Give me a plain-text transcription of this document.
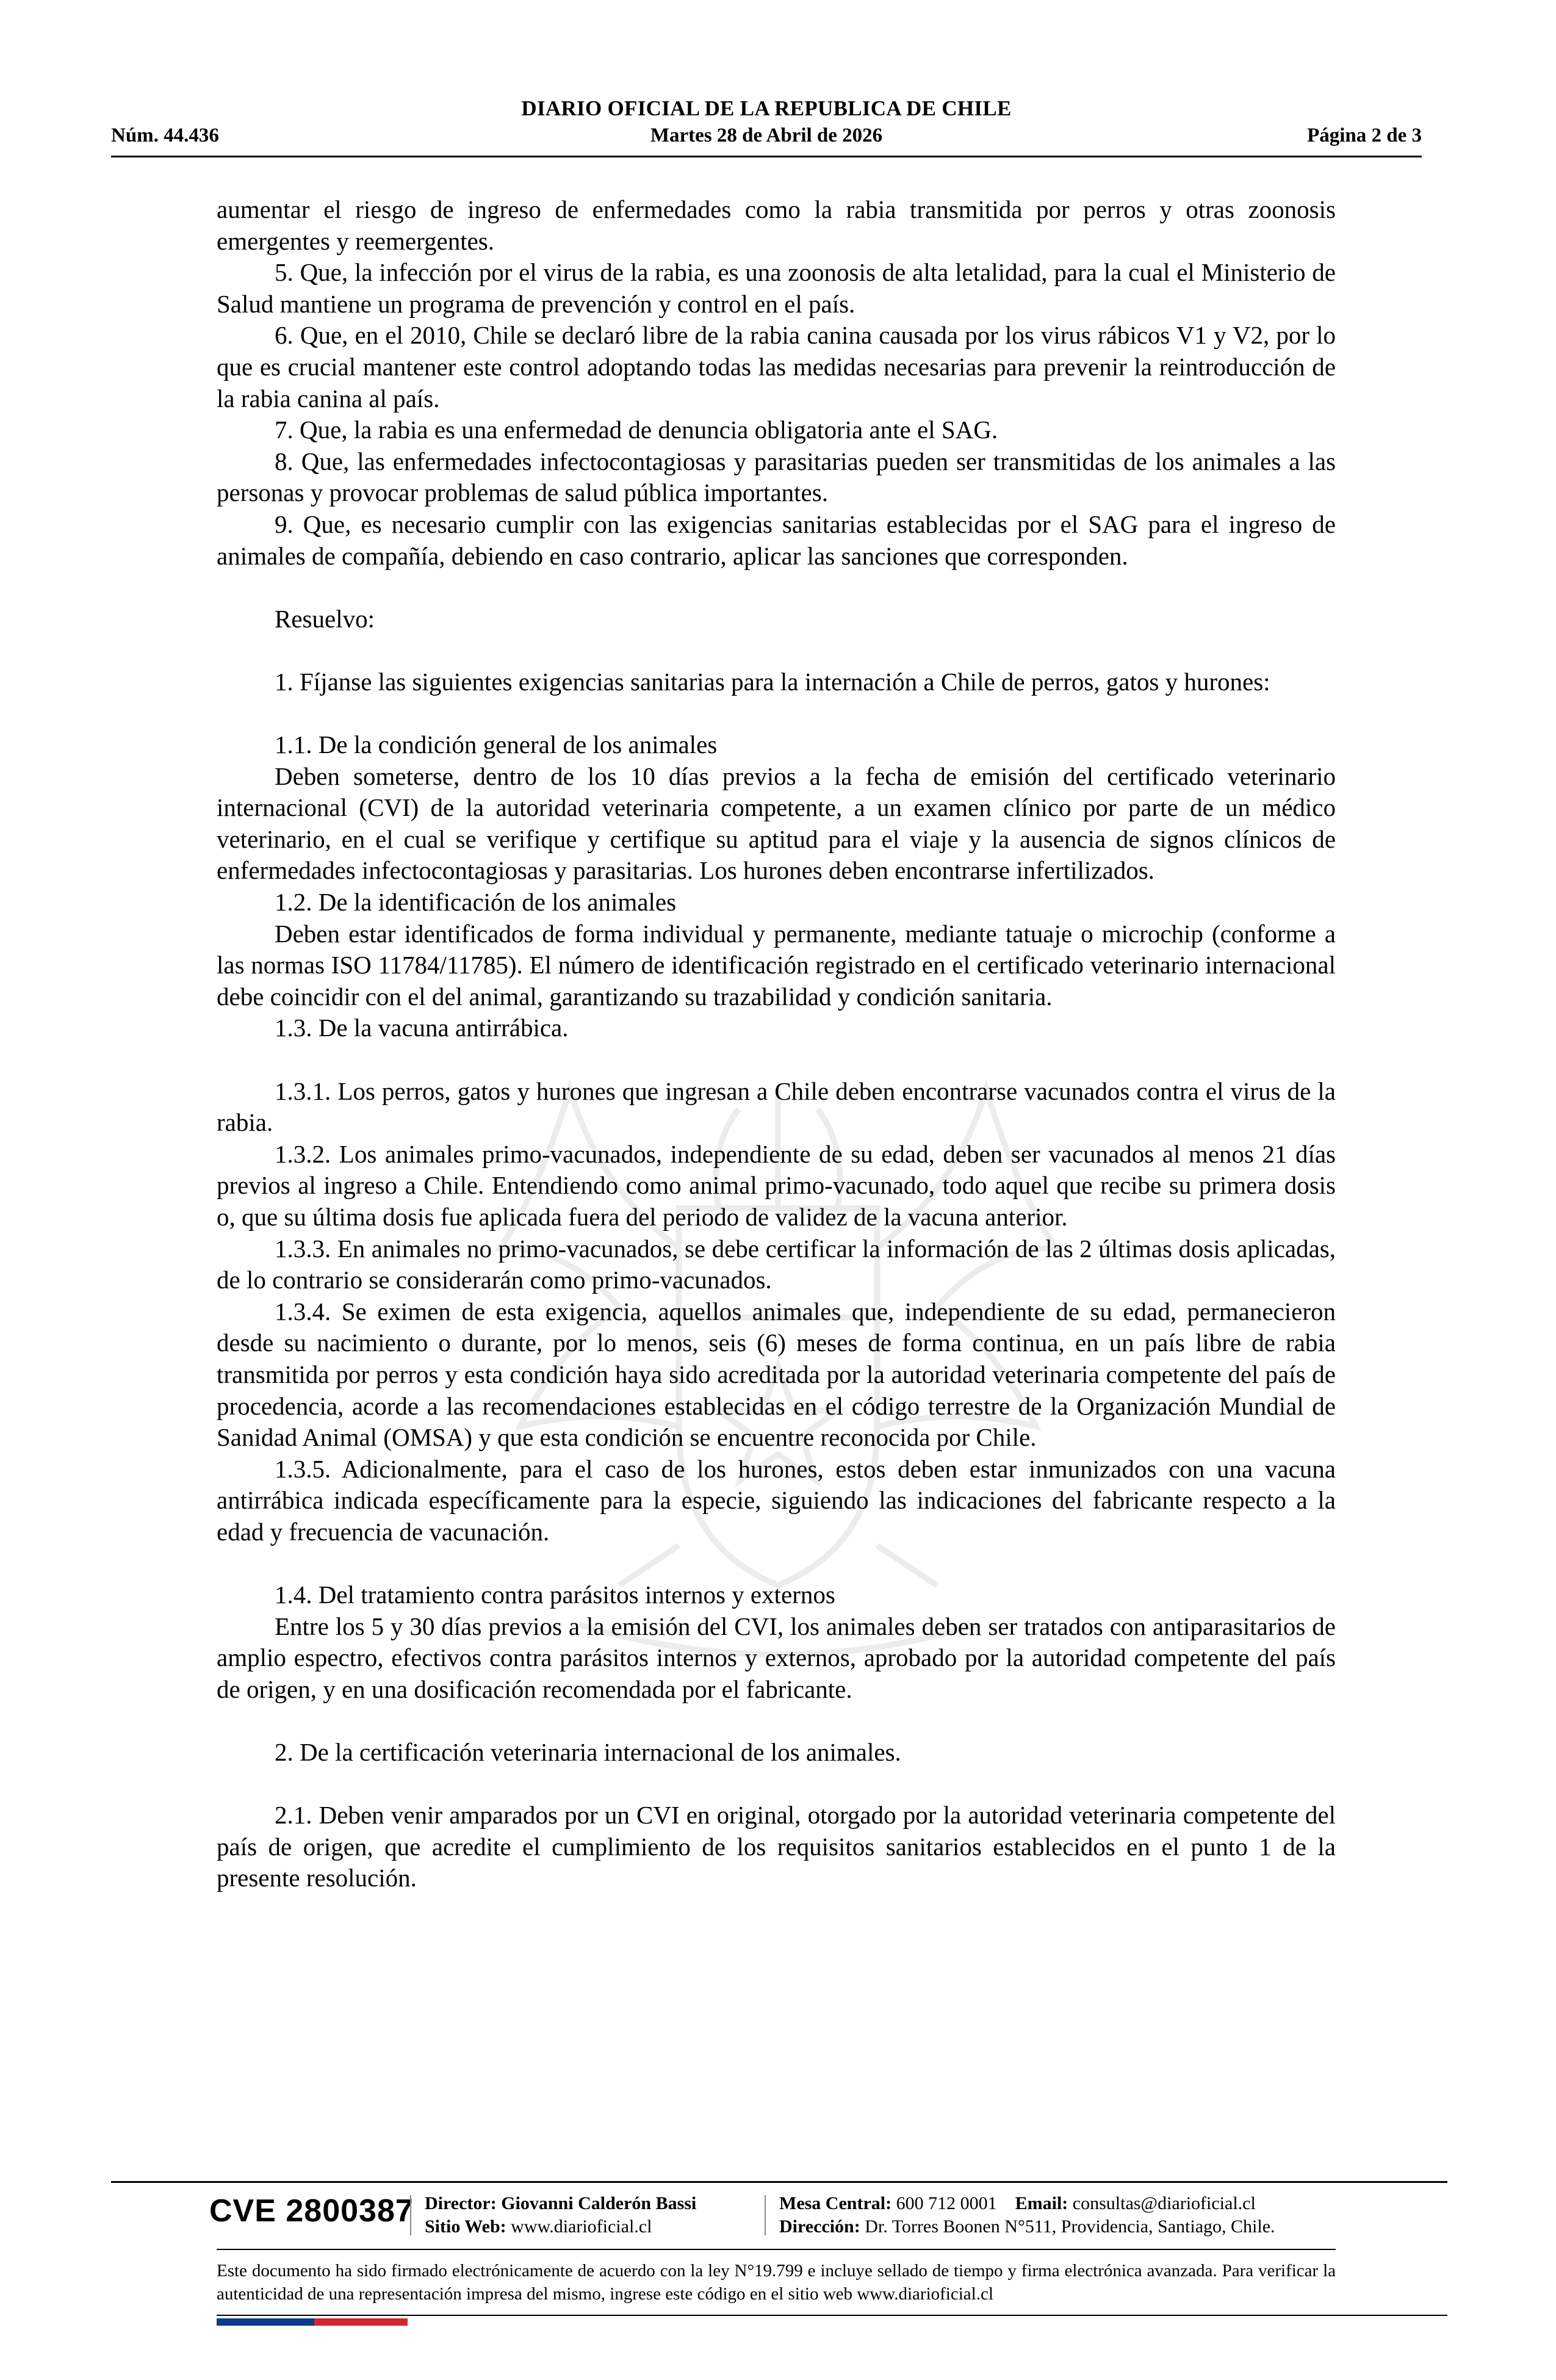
DIARIO OFICIAL DE LA REPUBLICA DE CHILE
Núm. 44.436	Martes 28 de Abril de 2026	Página 2 de 3

aumentar el riesgo de ingreso de enfermedades como la rabia transmitida por perros y otras zoonosis emergentes y reemergentes.

5. Que, la infección por el virus de la rabia, es una zoonosis de alta letalidad, para la cual el Ministerio de Salud mantiene un programa de prevención y control en el país.

6. Que, en el 2010, Chile se declaró libre de la rabia canina causada por los virus rábicos V1 y V2, por lo que es crucial mantener este control adoptando todas las medidas necesarias para prevenir la reintroducción de la rabia canina al país.

7. Que, la rabia es una enfermedad de denuncia obligatoria ante el SAG.

8. Que, las enfermedades infectocontagiosas y parasitarias pueden ser transmitidas de los animales a las personas y provocar problemas de salud pública importantes.

9. Que, es necesario cumplir con las exigencias sanitarias establecidas por el SAG para el ingreso de animales de compañía, debiendo en caso contrario, aplicar las sanciones que corresponden.

Resuelvo:

1. Fíjanse las siguientes exigencias sanitarias para la internación a Chile de perros, gatos y hurones:

1.1. De la condición general de los animales

Deben someterse, dentro de los 10 días previos a la fecha de emisión del certificado veterinario internacional (CVI) de la autoridad veterinaria competente, a un examen clínico por parte de un médico veterinario, en el cual se verifique y certifique su aptitud para el viaje y la ausencia de signos clínicos de enfermedades infectocontagiosas y parasitarias. Los hurones deben encontrarse infertilizados.

1.2. De la identificación de los animales

Deben estar identificados de forma individual y permanente, mediante tatuaje o microchip (conforme a las normas ISO 11784/11785). El número de identificación registrado en el certificado veterinario internacional debe coincidir con el del animal, garantizando su trazabilidad y condición sanitaria.

1.3. De la vacuna antirrábica.

1.3.1. Los perros, gatos y hurones que ingresan a Chile deben encontrarse vacunados contra el virus de la rabia.

1.3.2. Los animales primo-vacunados, independiente de su edad, deben ser vacunados al menos 21 días previos al ingreso a Chile. Entendiendo como animal primo-vacunado, todo aquel que recibe su primera dosis o, que su última dosis fue aplicada fuera del periodo de validez de la vacuna anterior.

1.3.3. En animales no primo-vacunados, se debe certificar la información de las 2 últimas dosis aplicadas, de lo contrario se considerarán como primo-vacunados.

1.3.4. Se eximen de esta exigencia, aquellos animales que, independiente de su edad, permanecieron desde su nacimiento o durante, por lo menos, seis (6) meses de forma continua, en un país libre de rabia transmitida por perros y esta condición haya sido acreditada por la autoridad veterinaria competente del país de procedencia, acorde a las recomendaciones establecidas en el código terrestre de la Organización Mundial de Sanidad Animal (OMSA) y que esta condición se encuentre reconocida por Chile.

1.3.5. Adicionalmente, para el caso de los hurones, estos deben estar inmunizados con una vacuna antirrábica indicada específicamente para la especie, siguiendo las indicaciones del fabricante respecto a la edad y frecuencia de vacunación.

1.4. Del tratamiento contra parásitos internos y externos

Entre los 5 y 30 días previos a la emisión del CVI, los animales deben ser tratados con antiparasitarios de amplio espectro, efectivos contra parásitos internos y externos, aprobado por la autoridad competente del país de origen, y en una dosificación recomendada por el fabricante.

2. De la certificación veterinaria internacional de los animales.

2.1. Deben venir amparados por un CVI en original, otorgado por la autoridad veterinaria competente del país de origen, que acredite el cumplimiento de los requisitos sanitarios establecidos en el punto 1 de la presente resolución.

CVE 2800387 Director: Giovanni Calderón Bassi
Sitio Web: www.diarioficial.cl
Mesa Central: 600 712 0001 Email: consultas@diarioficial.cl
Dirección: Dr. Torres Boonen N°511, Providencia, Santiago, Chile.
Este documento ha sido firmado electrónicamente de acuerdo con la ley N°19.799 e incluye sellado de tiempo y firma electrónica avanzada. Para verificar la autenticidad de una representación impresa del mismo, ingrese este código en el sitio web www.diarioficial.cl
